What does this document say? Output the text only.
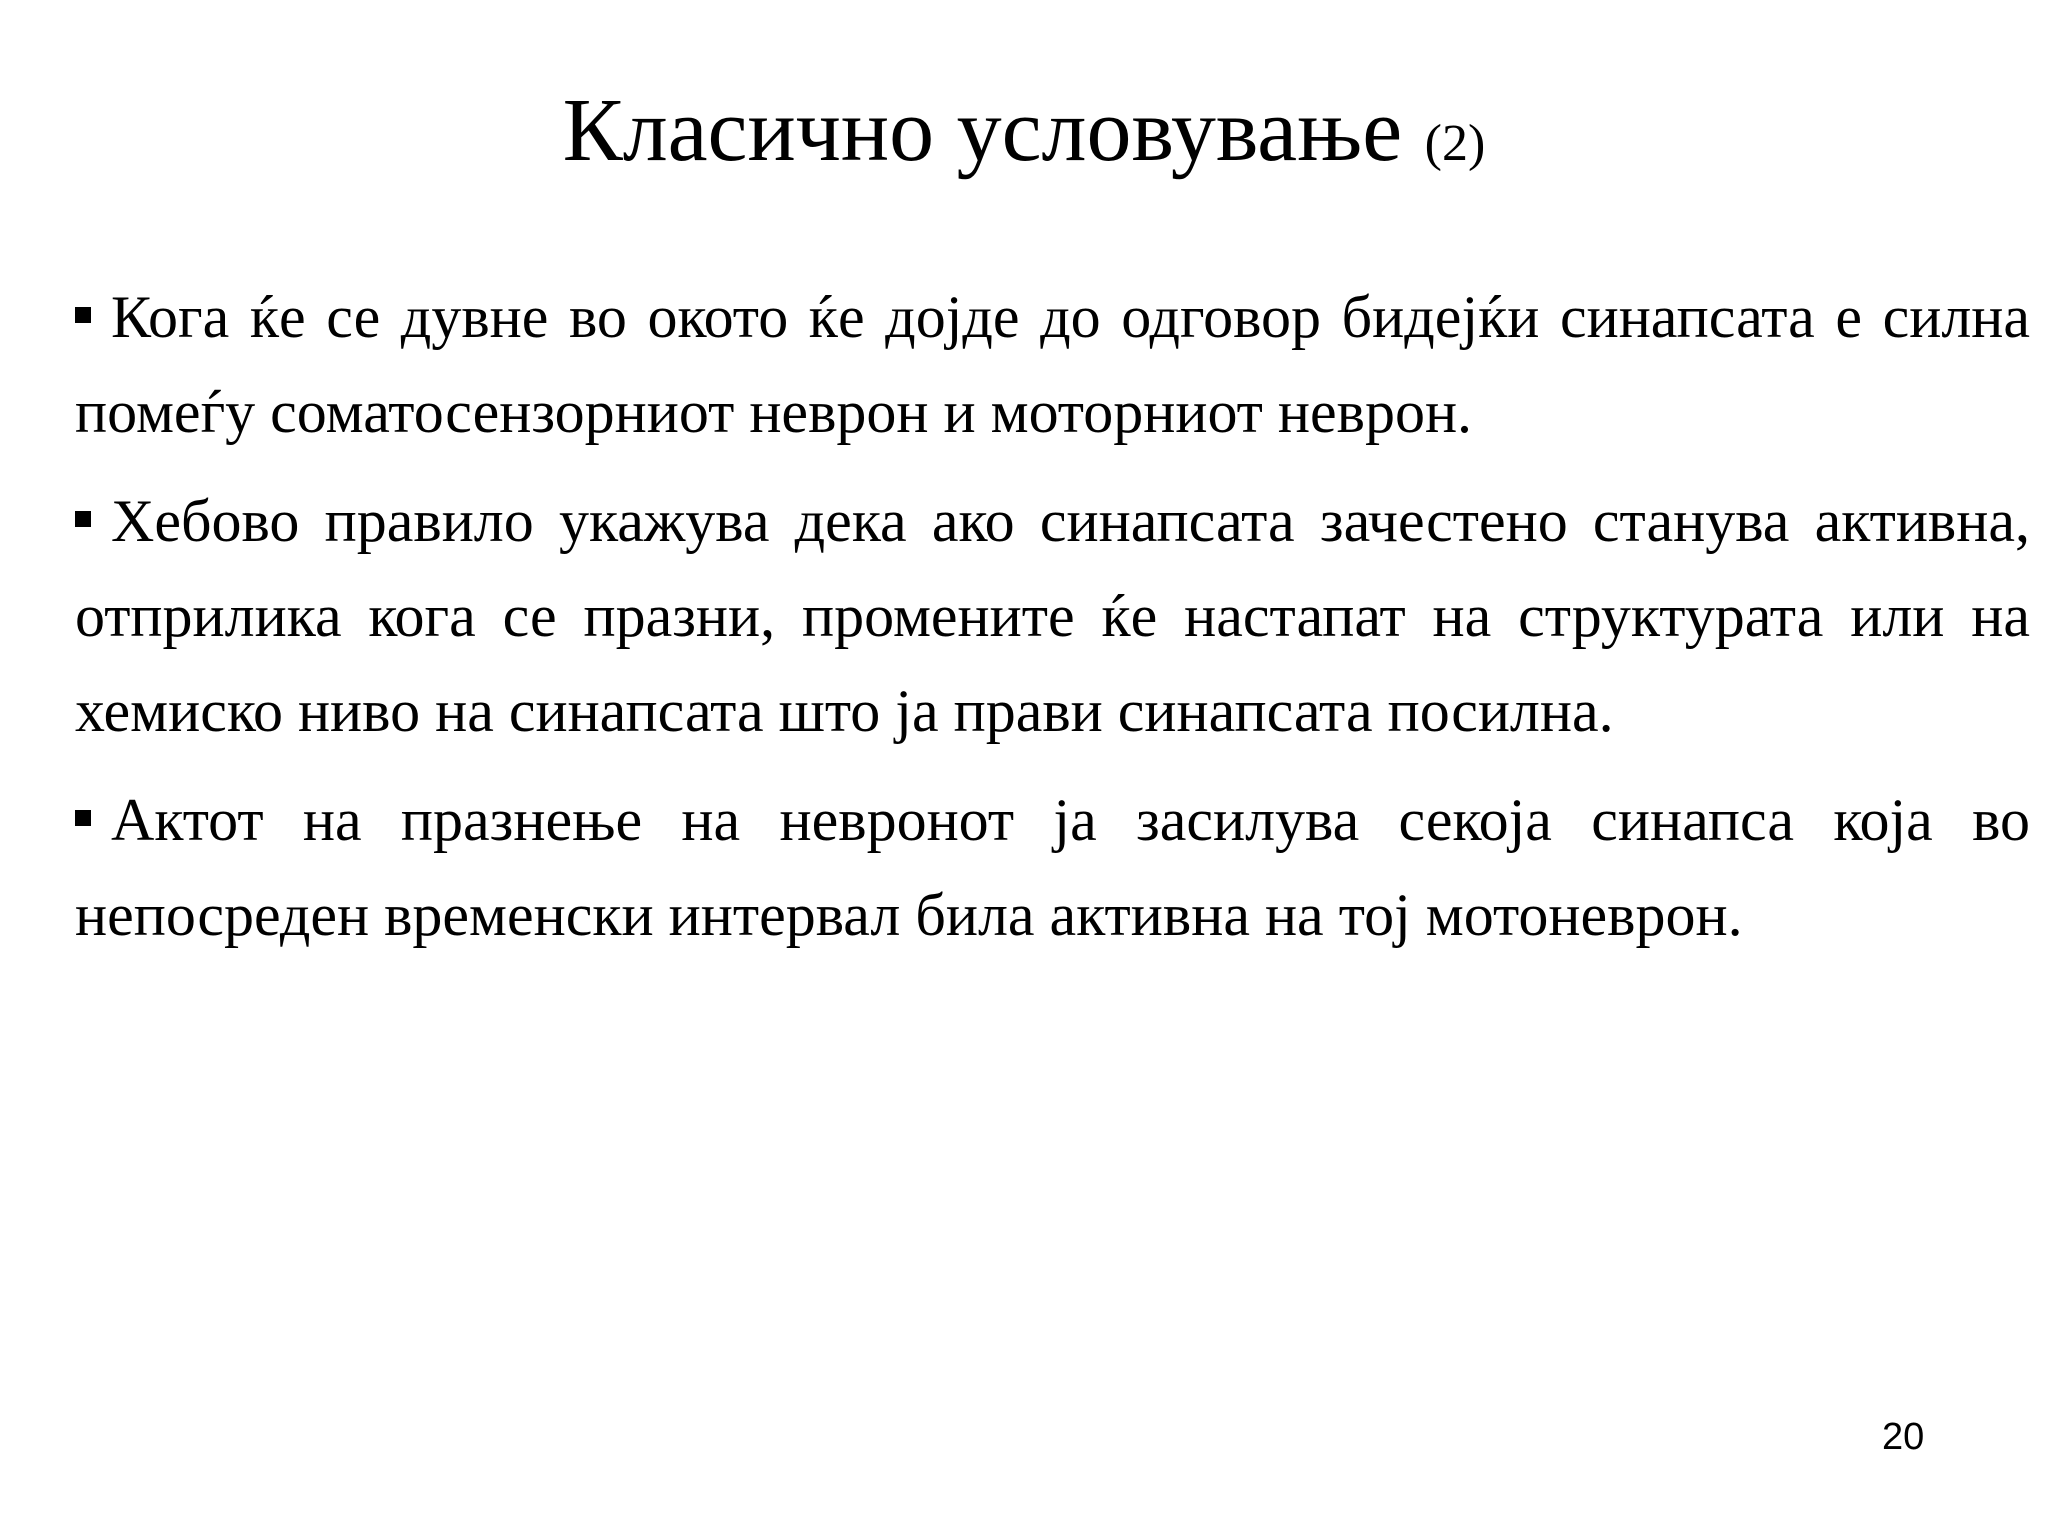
Класично условување (2)
Кога ќе се дувне во окото ќе дојде до одговор бидејќи синапсата е силна помеѓу соматосензорниот неврон и моторниот неврон.
Хебово правило укажува дека ако синапсата зачестено станува активна, отприлика кога се празни, промените ќе настапат на структурата или на хемиско ниво на синапсата што ја прави синапсата посилна.
Актот на празнење на невронот ја засилува секоја синапса која во непосреден временски интервал била активна на тој мотоневрон.
20
